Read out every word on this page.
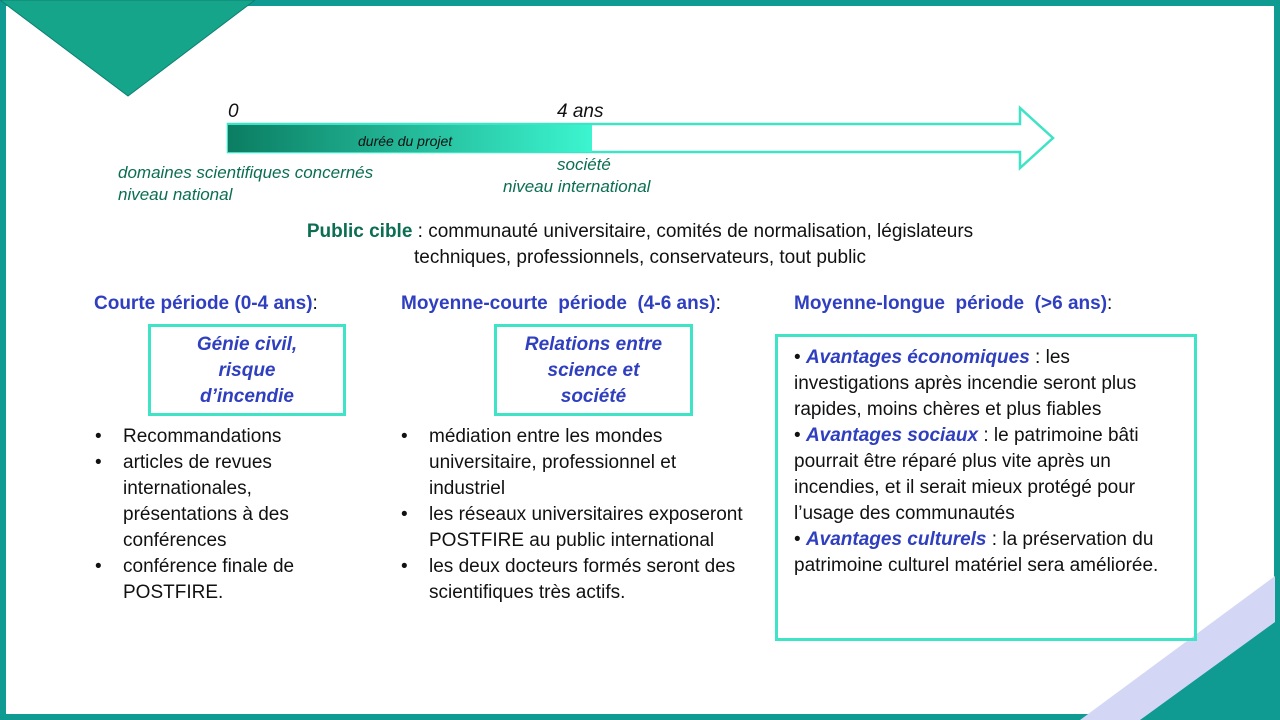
0	4 ans
durée du projet
domaines scientifiques concernés
niveau national
société
niveau international
Public cible : communauté universitaire, comités de normalisation, législateurs
techniques, professionnels, conservateurs, tout public
Courte période (0-4 ans):
Génie civil,
risque
d’incendie
• Recommandations
• articles de revues internationales, présentations à des conférences
• conférence finale de POSTFIRE.
Moyenne-courte  période  (4-6 ans):
Relations entre
science et
société
• médiation entre les mondes universitaire, professionnel et industriel
• les réseaux universitaires exposeront POSTFIRE au public international
• les deux docteurs formés seront des scientifiques très actifs.
Moyenne-longue  période  (>6 ans):

• Avantages économiques : les investigations après incendie seront plus rapides, moins chères et plus fiables

• Avantages sociaux : le patrimoine bâti pourrait être réparé plus vite après un incendies, et il serait mieux protégé pour l’usage des communautés

• Avantages culturels : la préservation du patrimoine culturel matériel sera améliorée.
